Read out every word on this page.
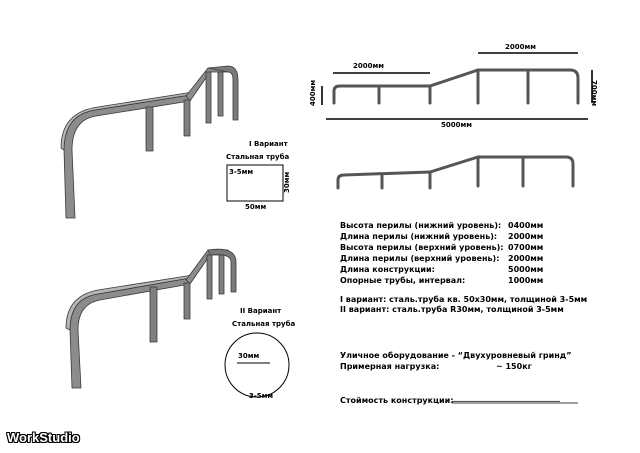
I Вариант
Стальная труба
3-5мм	30мм
50мм
II Вариант
Стальная труба
30мм
3-5мм
2000мм
2000мм
400мм	700мм
5000мм
Высота перилы (нижний уровень): 0400мм
Длина перилы (нижний уровень): 2000мм
Высота перилы (верхний уровень): 0700мм
Длина перилы (верхний уровень): 2000мм
Длина конструкции:	5000мм
Опорные трубы, интервал:	1000мм
I вариант: сталь.труба кв. 50x30мм, толщиной 3-5мм
II вариант: сталь.труба R30мм, толщиной 3-5мм
Уличное оборудование - “Двухуровневый гринд”
Примерная нагрузка:	~ 150кг
Стоймость конструкции:
___________________________
WorkStudio
